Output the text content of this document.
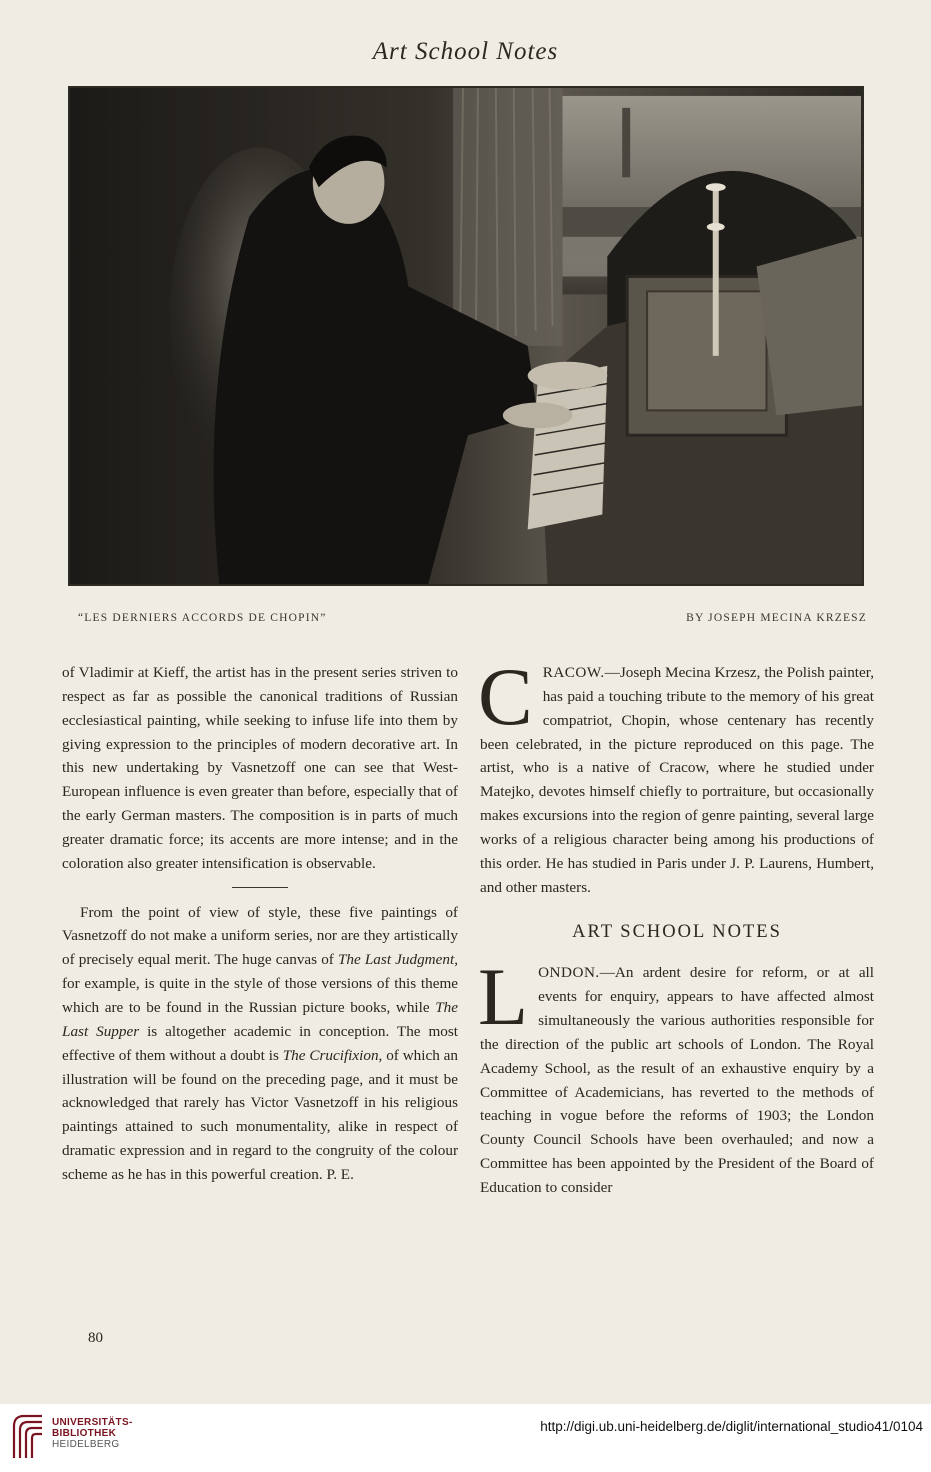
Art School Notes
“LES DERNIERS ACCORDS DE CHOPIN”	BY JOSEPH MECINA KRZESZ

of Vladimir at Kieff, the artist has in the present series striven to respect as far as possible the canonical traditions of Russian ecclesiastical painting, while seeking to infuse life into them by giving expression to the principles of modern decorative art. In this new undertaking by Vasnetzoff one can see that West-European influence is even greater than before, especially that of the early German masters. The composition is in parts of much greater dramatic force; its accents are more intense; and in the coloration also greater intensification is observable.

From the point of view of style, these five paintings of Vasnetzoff do not make a uniform series, nor are they artistically of precisely equal merit. The huge canvas of The Last Judgment, for example, is quite in the style of those versions of this theme which are to be found in the Russian picture books, while The Last Supper is altogether academic in conception. The most effective of them without a doubt is The Crucifixion, of which an illustration will be found on the preceding page, and it must be acknowledged that rarely has Victor Vasnetzoff in his religious paintings attained to such monumentality, alike in respect of dramatic expression and in regard to the congruity of the colour scheme as he has in this powerful creation. P. E.

80

CRACOW.—Joseph Mecina Krzesz, the Polish painter, has paid a touching tribute to the memory of his great compatriot, Chopin, whose centenary has recently been celebrated, in the picture reproduced on this page. The artist, who is a native of Cracow, where he studied under Matejko, devotes himself chiefly to portraiture, but occasionally makes excursions into the region of genre painting, several large works of a religious character being among his productions of this order. He has studied in Paris under J. P. Laurens, Humbert, and other masters.

ART SCHOOL NOTES

LONDON.—An ardent desire for reform, or at all events for enquiry, appears to have affected almost simultaneously the various authorities responsible for the direction of the public art schools of London. The Royal Academy School, as the result of an exhaustive enquiry by a Committee of Academicians, has reverted to the methods of teaching in vogue before the reforms of 1903; the London County Council Schools have been overhauled; and now a Committee has been appointed by the President of the Board of Education to consider

UNIVERSITÄTS-
BIBLIOTHEK
HEIDELBERG
http://digi.ub.uni-heidelberg.de/diglit/international_studio41/0104
